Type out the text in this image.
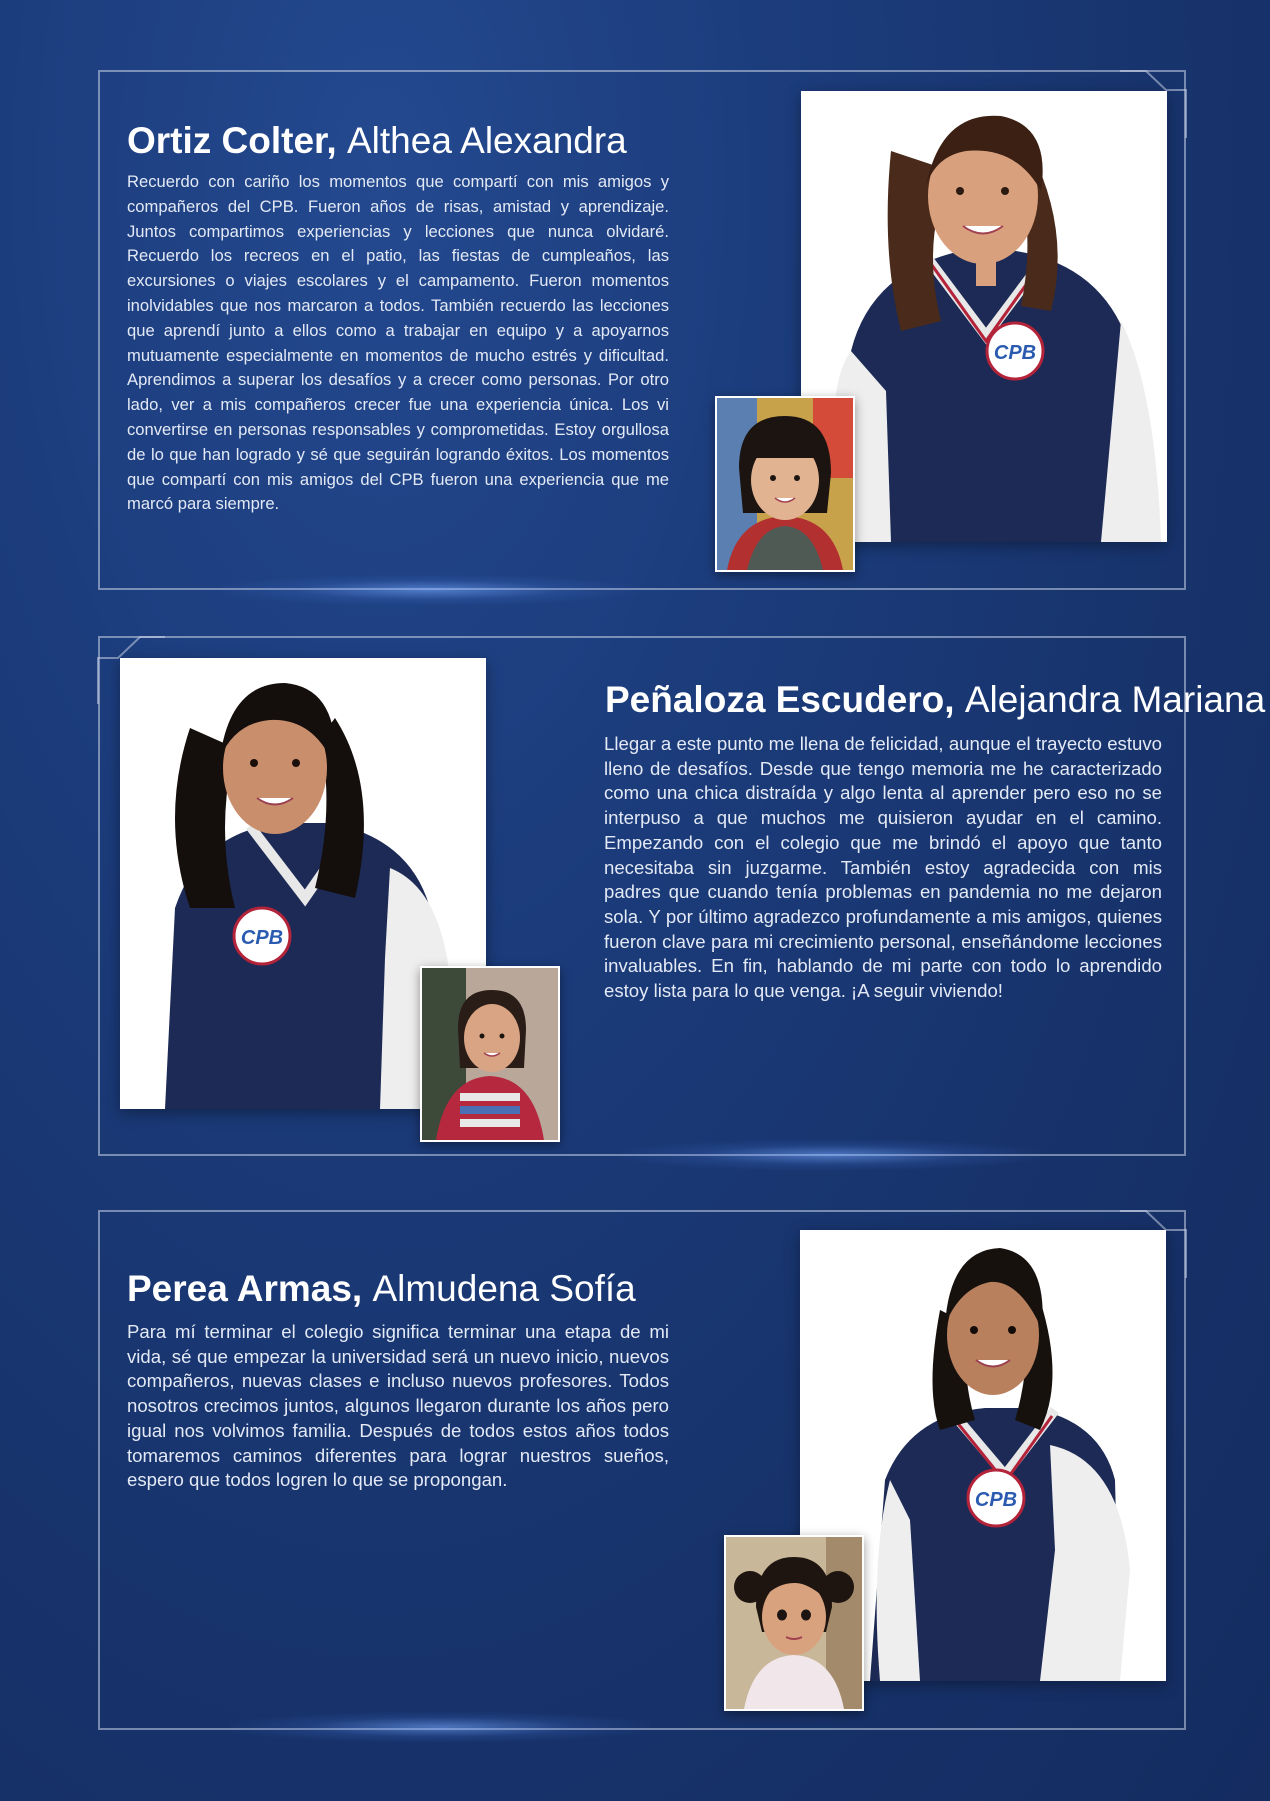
Ortiz Colter, Althea Alexandra

Recuerdo con cariño los momentos que compartí con mis amigos y compañeros del CPB. Fueron años de risas, amistad y aprendizaje. Juntos compartimos experiencias y lecciones que nunca olvidaré. Recuerdo los recreos en el patio, las fiestas de cumpleaños, las excursiones o viajes escolares y el campamento. Fueron momentos inolvidables que nos marcaron a todos. También recuerdo las lecciones que aprendí junto a ellos como a trabajar en equipo y a apoyarnos mutuamente especialmente en momentos de mucho estrés y dificultad. Aprendimos a superar los desafíos y a crecer como personas. Por otro lado, ver a mis compañeros crecer fue una experiencia única. Los vi convertirse en personas responsables y comprometidas. Estoy orgullosa de lo que han logrado y sé que seguirán logrando éxitos. Los momentos que compartí con mis amigos del CPB fueron una experiencia que me marcó para siempre.

CPB
Peñaloza Escudero, Alejandra Mariana

Llegar a este punto me llena de felicidad, aunque el trayecto estuvo lleno de desafíos. Desde que tengo memoria me he caracterizado como una chica distraída y algo lenta al aprender pero eso no se interpuso a que muchos me quisieron ayudar en el camino. Empezando con el colegio que me brindó el apoyo que tanto necesitaba sin juzgarme. También estoy agradecida con mis padres que cuando tenía problemas en pandemia no me dejaron sola. Y por último agradezco profundamente a mis amigos, quienes fueron clave para mi crecimiento personal, enseñándome lecciones invaluables. En fin, hablando de mi parte con todo lo aprendido estoy lista para lo que venga. ¡A seguir viviendo!

CPB
Perea Armas, Almudena Sofía

Para mí terminar el colegio significa terminar una etapa de mi vida, sé que empezar la universidad será un nuevo inicio, nuevos compañeros, nuevas clases e incluso nuevos profesores. Todos nosotros crecimos juntos, algunos llegaron durante los años pero igual nos volvimos familia. Después de todos estos años todos tomaremos caminos diferentes para lograr nuestros sueños, espero que todos logren lo que se propongan.

CPB
